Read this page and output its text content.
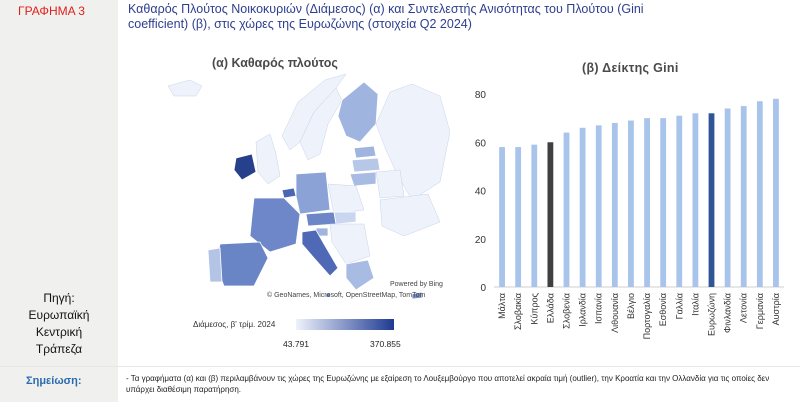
ΓΡΑΦΗΜΑ 3	Καθαρός Πλούτος Νοικοκυριών (Διάμεσος) (α) και Συντελεστής Ανισότητας του Πλούτου (Gini
coefficient) (β), στις χώρες της Ευρωζώνης (στοιχεία Q2 2024)
Πηγή:
Ευρωπαϊκή
Κεντρική
Τράπεζα
(α) Καθαρός πλούτος	(β) Δείκτης Gini
Powered by Bing
© GeoNames, Microsoft, OpenStreetMap, TomTom
Διάμεσος, β' τρίμ. 2024
43.791	370.855
0
20
40
60
80
Μάλτα Σλοβακία Κύπρος Ελλάδα Σλοβενία Ιρλανδία Ισπανία Λιθουανία Βέλγιο Πορτογαλία Εσθονία Γαλλία Ιταλία Ευρωζώνη Φινλανδία Λετονία Γερμανία Αυστρία
Σημείωση:	- Τα γραφήματα (α) και (β) περιλαμβάνουν τις χώρες της Ευρωζώνης με εξαίρεση το Λουξεμβούργο που αποτελεί ακραία τιμή (outlier), την Κροατία και την Ολλανδία για τις οποίες δεν υπάρχει διαθέσιμη παρατήρηση.
